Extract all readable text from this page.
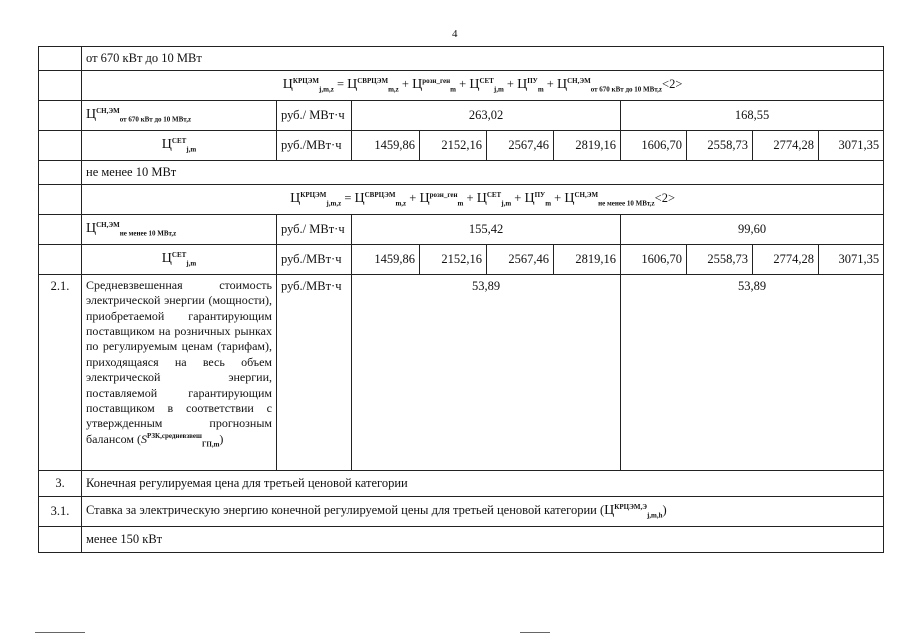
4
	от 670 кВт до 10 МВт									
	$Ц^{КРЦЭМ}_{j,m,z} = Ц^{СВРЦЭМ}_{m,z} + Ц^{розн\_ген}_m + Ц^{СЕТ}_{j,m} + Ц^{ПУ}_m + Ц^{СН,ЭМ}_{от 670 кВт до 10 МВт,z}<2>$									
	$Ц^{СН,ЭМ}_{от 670 кВт до 10 МВт,z}$	руб./ МВт·ч	263,02				168,55			
	$Ц^{СЕТ}_{j,m}$	руб./МВт·ч	1459,86	2152,16	2567,46	2819,16	1606,70	2558,73	2774,28	3071,35
	не менее 10 МВт									
	$Ц^{КРЦЭМ}_{j,m,z} = Ц^{СВРЦЭМ}_{m,z} + Ц^{розн\_ген}_m + Ц^{СЕТ}_{j,m} + Ц^{ПУ}_m + Ц^{СН,ЭМ}_{не менее 10 МВт,z}<2>$									
	$Ц^{СН,ЭМ}_{не менее 10 МВт,z}$	руб./ МВт·ч	155,42				99,60			
	$Ц^{СЕТ}_{j,m}$	руб./МВт·ч	1459,86	2152,16	2567,46	2819,16	1606,70	2558,73	2774,28	3071,35
2.1.	Средневзвешенная стоимость электрической энергии (мощности), приобретаемой гарантирующим поставщиком на розничных рынках по регулируемым ценам (тарифам), приходящаяся на весь объем электрической энергии, поставляемой гарантирующим поставщиком в соответствии с утвержденным прогнозным балансом $(S^{РЗК,средневзвеш}_{ГП,m})$	руб./МВт·ч	53,89				53,89			
3.	Конечная регулируемая цена для третьей ценовой категории									
3.1.	Ставка за электрическую энергию конечной регулируемой цены для третьей ценовой категории $(Ц^{КРЦЭМ,Э}_{j,m,h})$									
	менее 150 кВт									
